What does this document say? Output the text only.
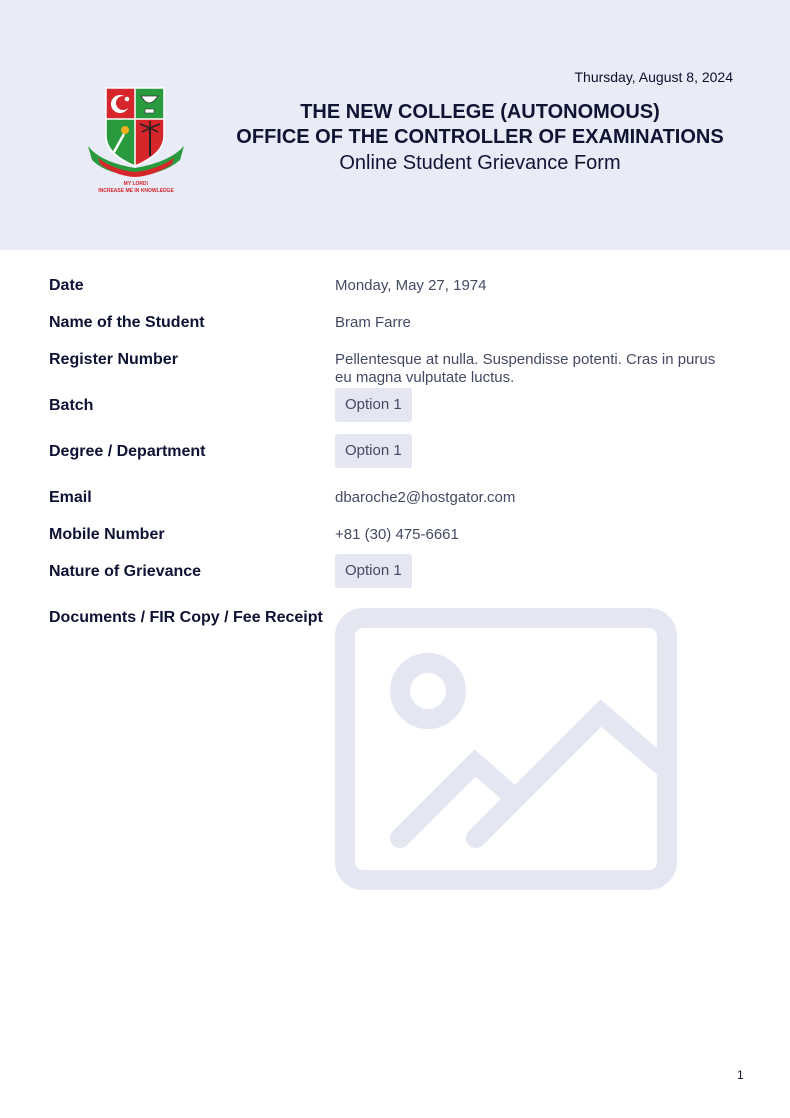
Thursday, August 8, 2024
MY LORD!
INCREASE ME IN KNOWLEDGE
THE NEW COLLEGE (AUTONOMOUS)
OFFICE OF THE CONTROLLER OF EXAMINATIONS
Online Student Grievance Form
Date	Monday, May 27, 1974
Name of the Student	Bram Farre
Register Number	Pellentesque at nulla. Suspendisse potenti. Cras in purus eu magna vulputate luctus.
Batch	Option 1
Degree / Department	Option 1
Email	dbaroche2@hostgator.com
Mobile Number	+81 (30) 475-6661
Nature of Grievance	Option 1
Documents / FIR Copy / Fee Receipt
1
